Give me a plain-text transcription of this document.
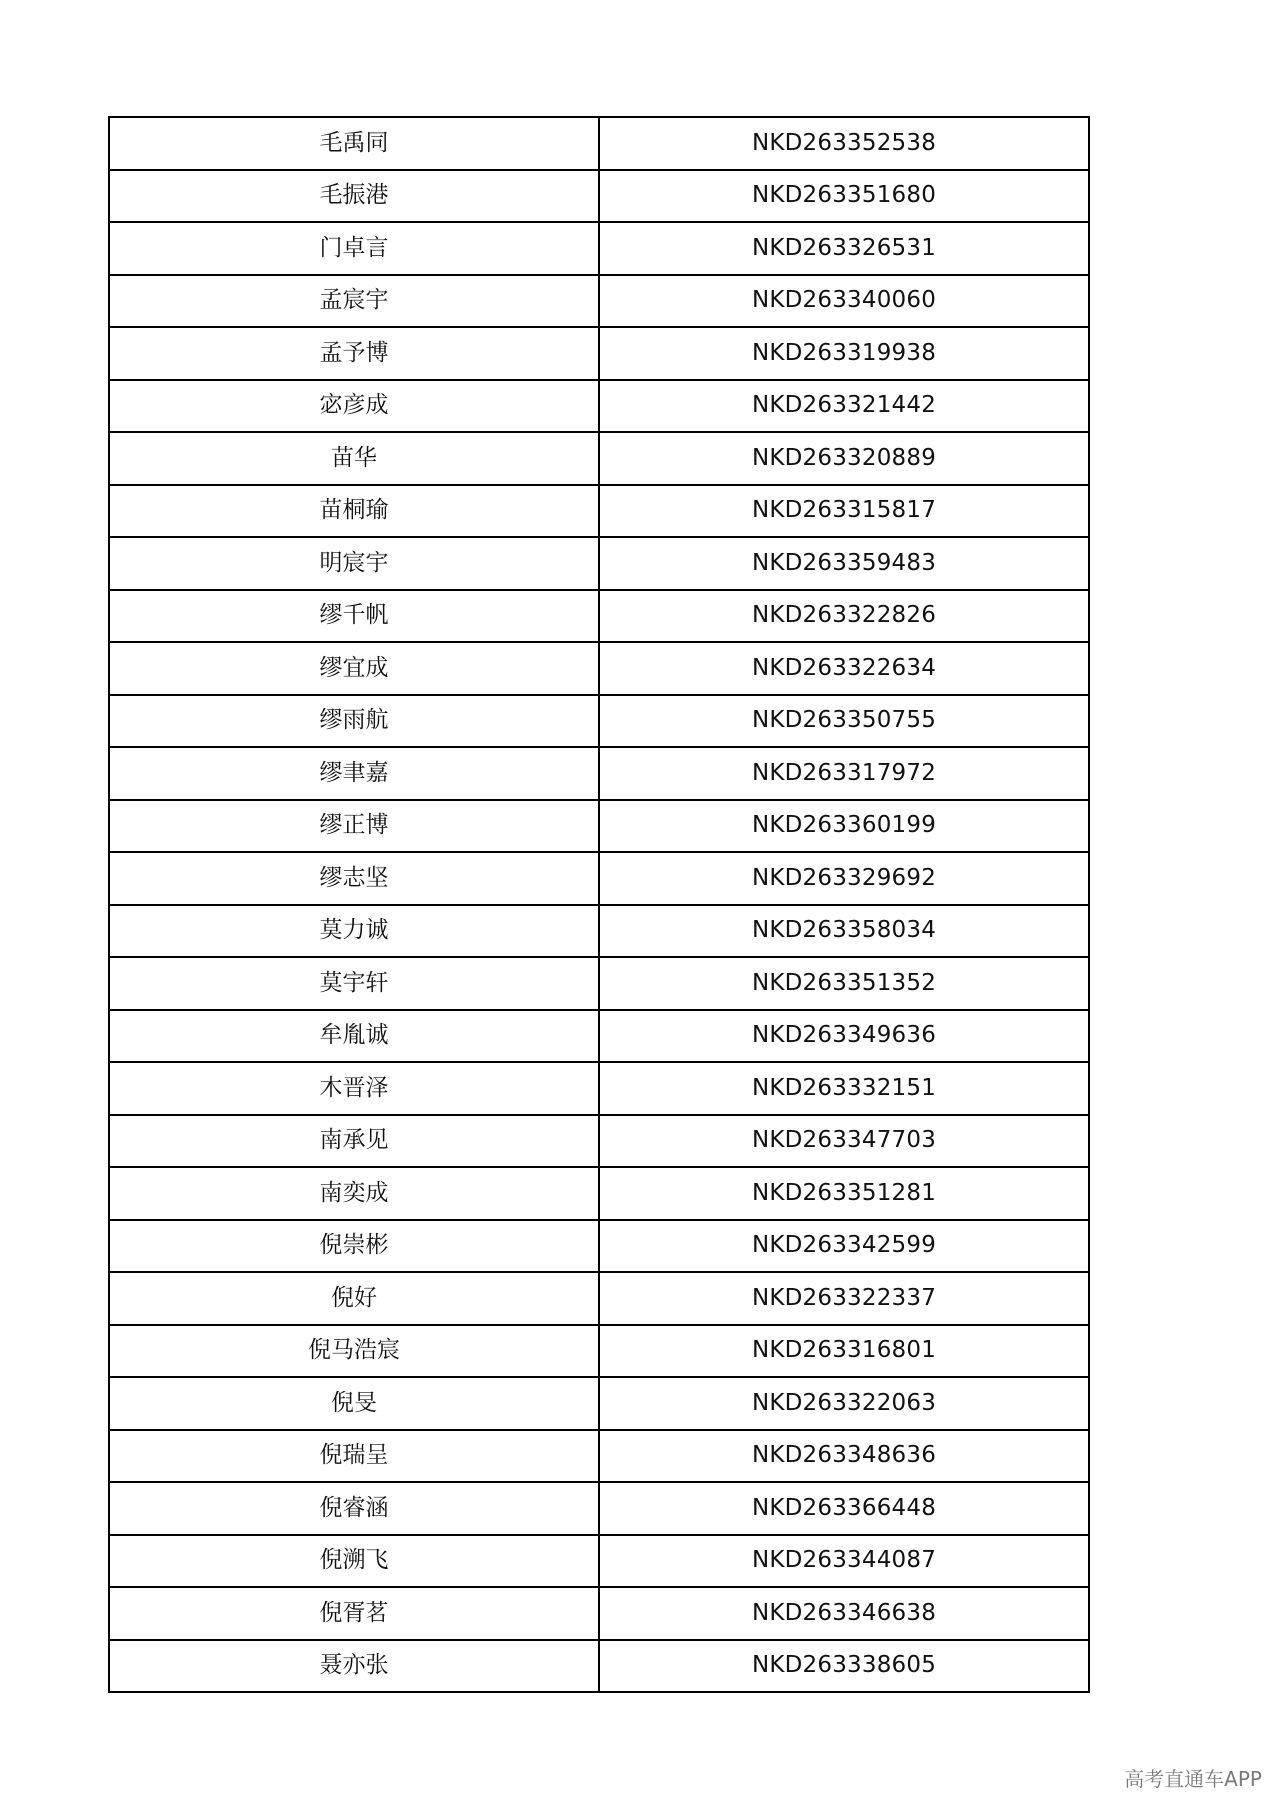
毛禹同	NKD263352538
毛振港	NKD263351680
门卓言	NKD263326531
孟宸宇	NKD263340060
孟予博	NKD263319938
宓彦成	NKD263321442
苗华	NKD263320889
苗桐瑜	NKD263315817
明宸宇	NKD263359483
缪千帆	NKD263322826
缪宜成	NKD263322634
缪雨航	NKD263350755
缪聿嘉	NKD263317972
缪正博	NKD263360199
缪志坚	NKD263329692
莫力诚	NKD263358034
莫宇轩	NKD263351352
牟胤诚	NKD263349636
木晋泽	NKD263332151
南承见	NKD263347703
南奕成	NKD263351281
倪崇彬	NKD263342599
倪好	NKD263322337
倪马浩宸	NKD263316801
倪旻	NKD263322063
倪瑞呈	NKD263348636
倪睿涵	NKD263366448
倪溯飞	NKD263344087
倪胥茗	NKD263346638
聂亦张	NKD263338605
高考直通车APP
